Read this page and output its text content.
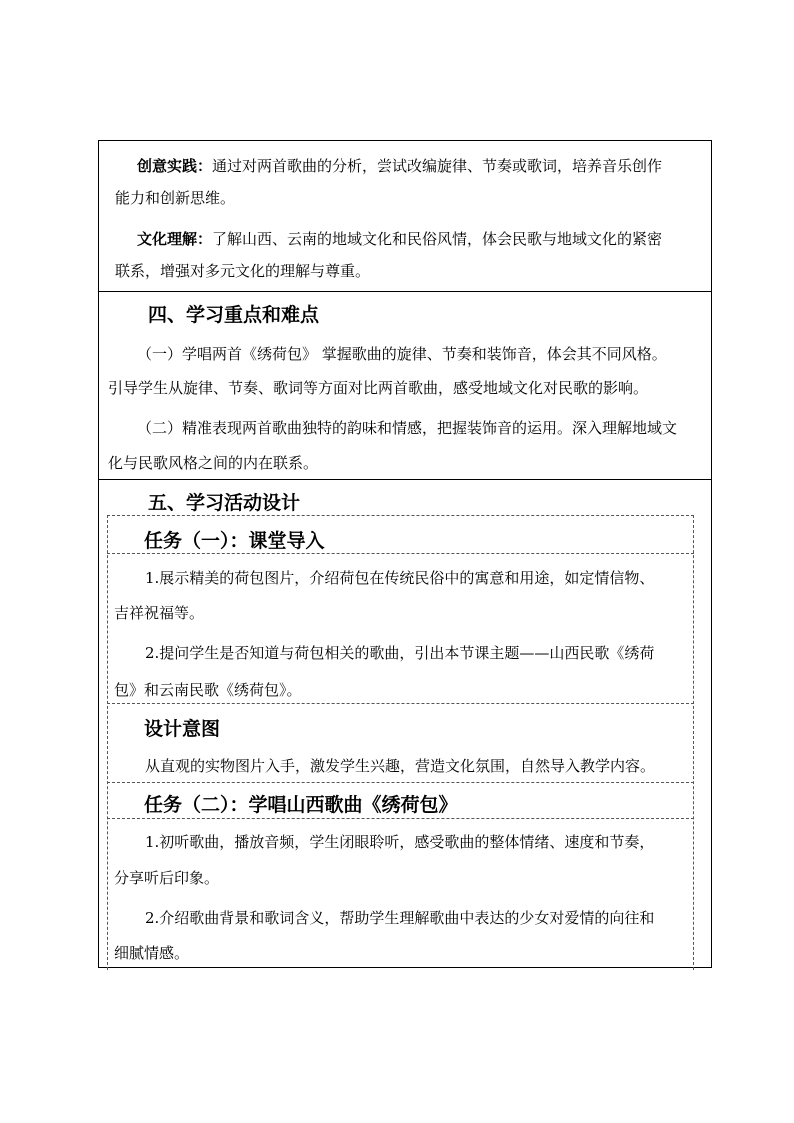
创意实践：通过对两首歌曲的分析，尝试改编旋律、节奏或歌词，培养音乐创作
能力和创新思维。
文化理解：了解山西、云南的地域文化和民俗风情，体会民歌与地域文化的紧密
联系，增强对多元文化的理解与尊重。
四、学习重点和难点
（一）学唱两首《绣荷包》 掌握歌曲的旋律、节奏和装饰音，体会其不同风格。
引导学生从旋律、节奏、歌词等方面对比两首歌曲，感受地域文化对民歌的影响。
（二）精准表现两首歌曲独特的韵味和情感，把握装饰音的运用。深入理解地域文
化与民歌风格之间的内在联系。
五、学习活动设计
任务（一）：课堂导入
1.展示精美的荷包图片，介绍荷包在传统民俗中的寓意和用途，如定情信物、
吉祥祝福等。
2.提问学生是否知道与荷包相关的歌曲，引出本节课主题——山西民歌《绣荷
包》和云南民歌《绣荷包》。
设计意图
从直观的实物图片入手，激发学生兴趣，营造文化氛围，自然导入教学内容。
任务（二）：学唱山西歌曲《绣荷包》
1.初听歌曲，播放音频，学生闭眼聆听，感受歌曲的整体情绪、速度和节奏，
分享听后印象。
2.介绍歌曲背景和歌词含义，帮助学生理解歌曲中表达的少女对爱情的向往和
细腻情感。
